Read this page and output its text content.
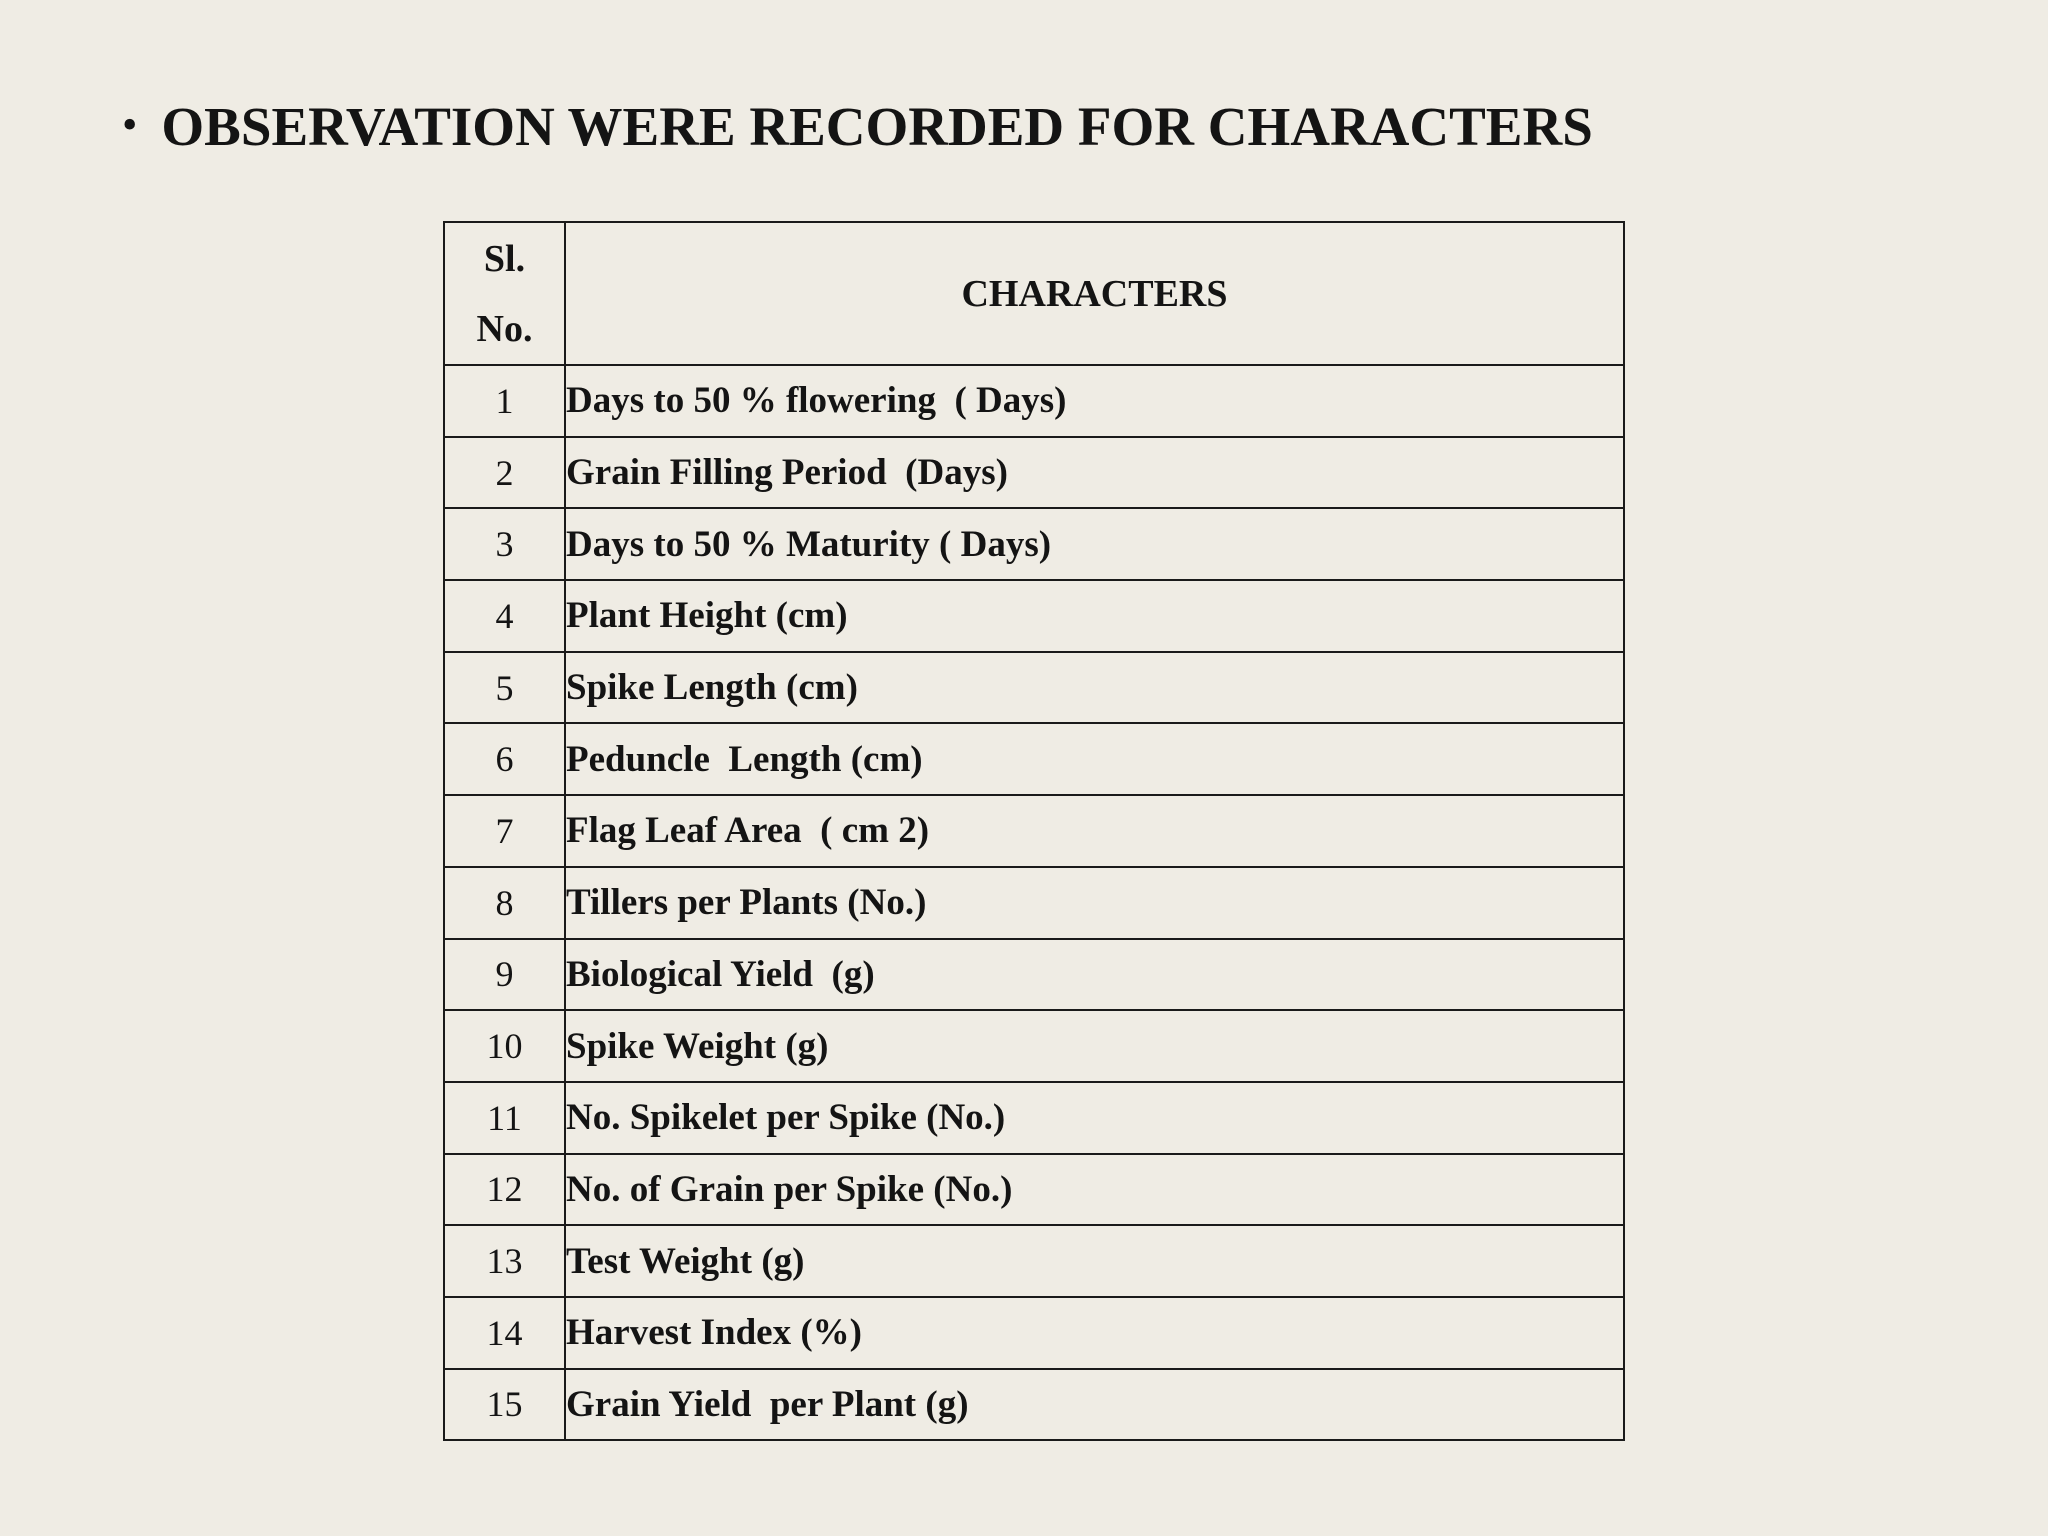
• OBSERVATION WERE RECORDED FOR CHARACTERS
Sl.
No.	CHARACTERS
1	Days to 50 % flowering  ( Days)
2	Grain Filling Period  (Days)
3	Days to 50 % Maturity ( Days)
4	Plant Height (cm)
5	Spike Length (cm)
6	Peduncle  Length (cm)
7	Flag Leaf Area  ( cm 2)
8	Tillers per Plants (No.)
9	Biological Yield  (g)
10	Spike Weight (g)
11	No. Spikelet per Spike (No.)
12	No. of Grain per Spike (No.)
13	Test Weight (g)
14	Harvest Index (%)
15	Grain Yield  per Plant (g)
